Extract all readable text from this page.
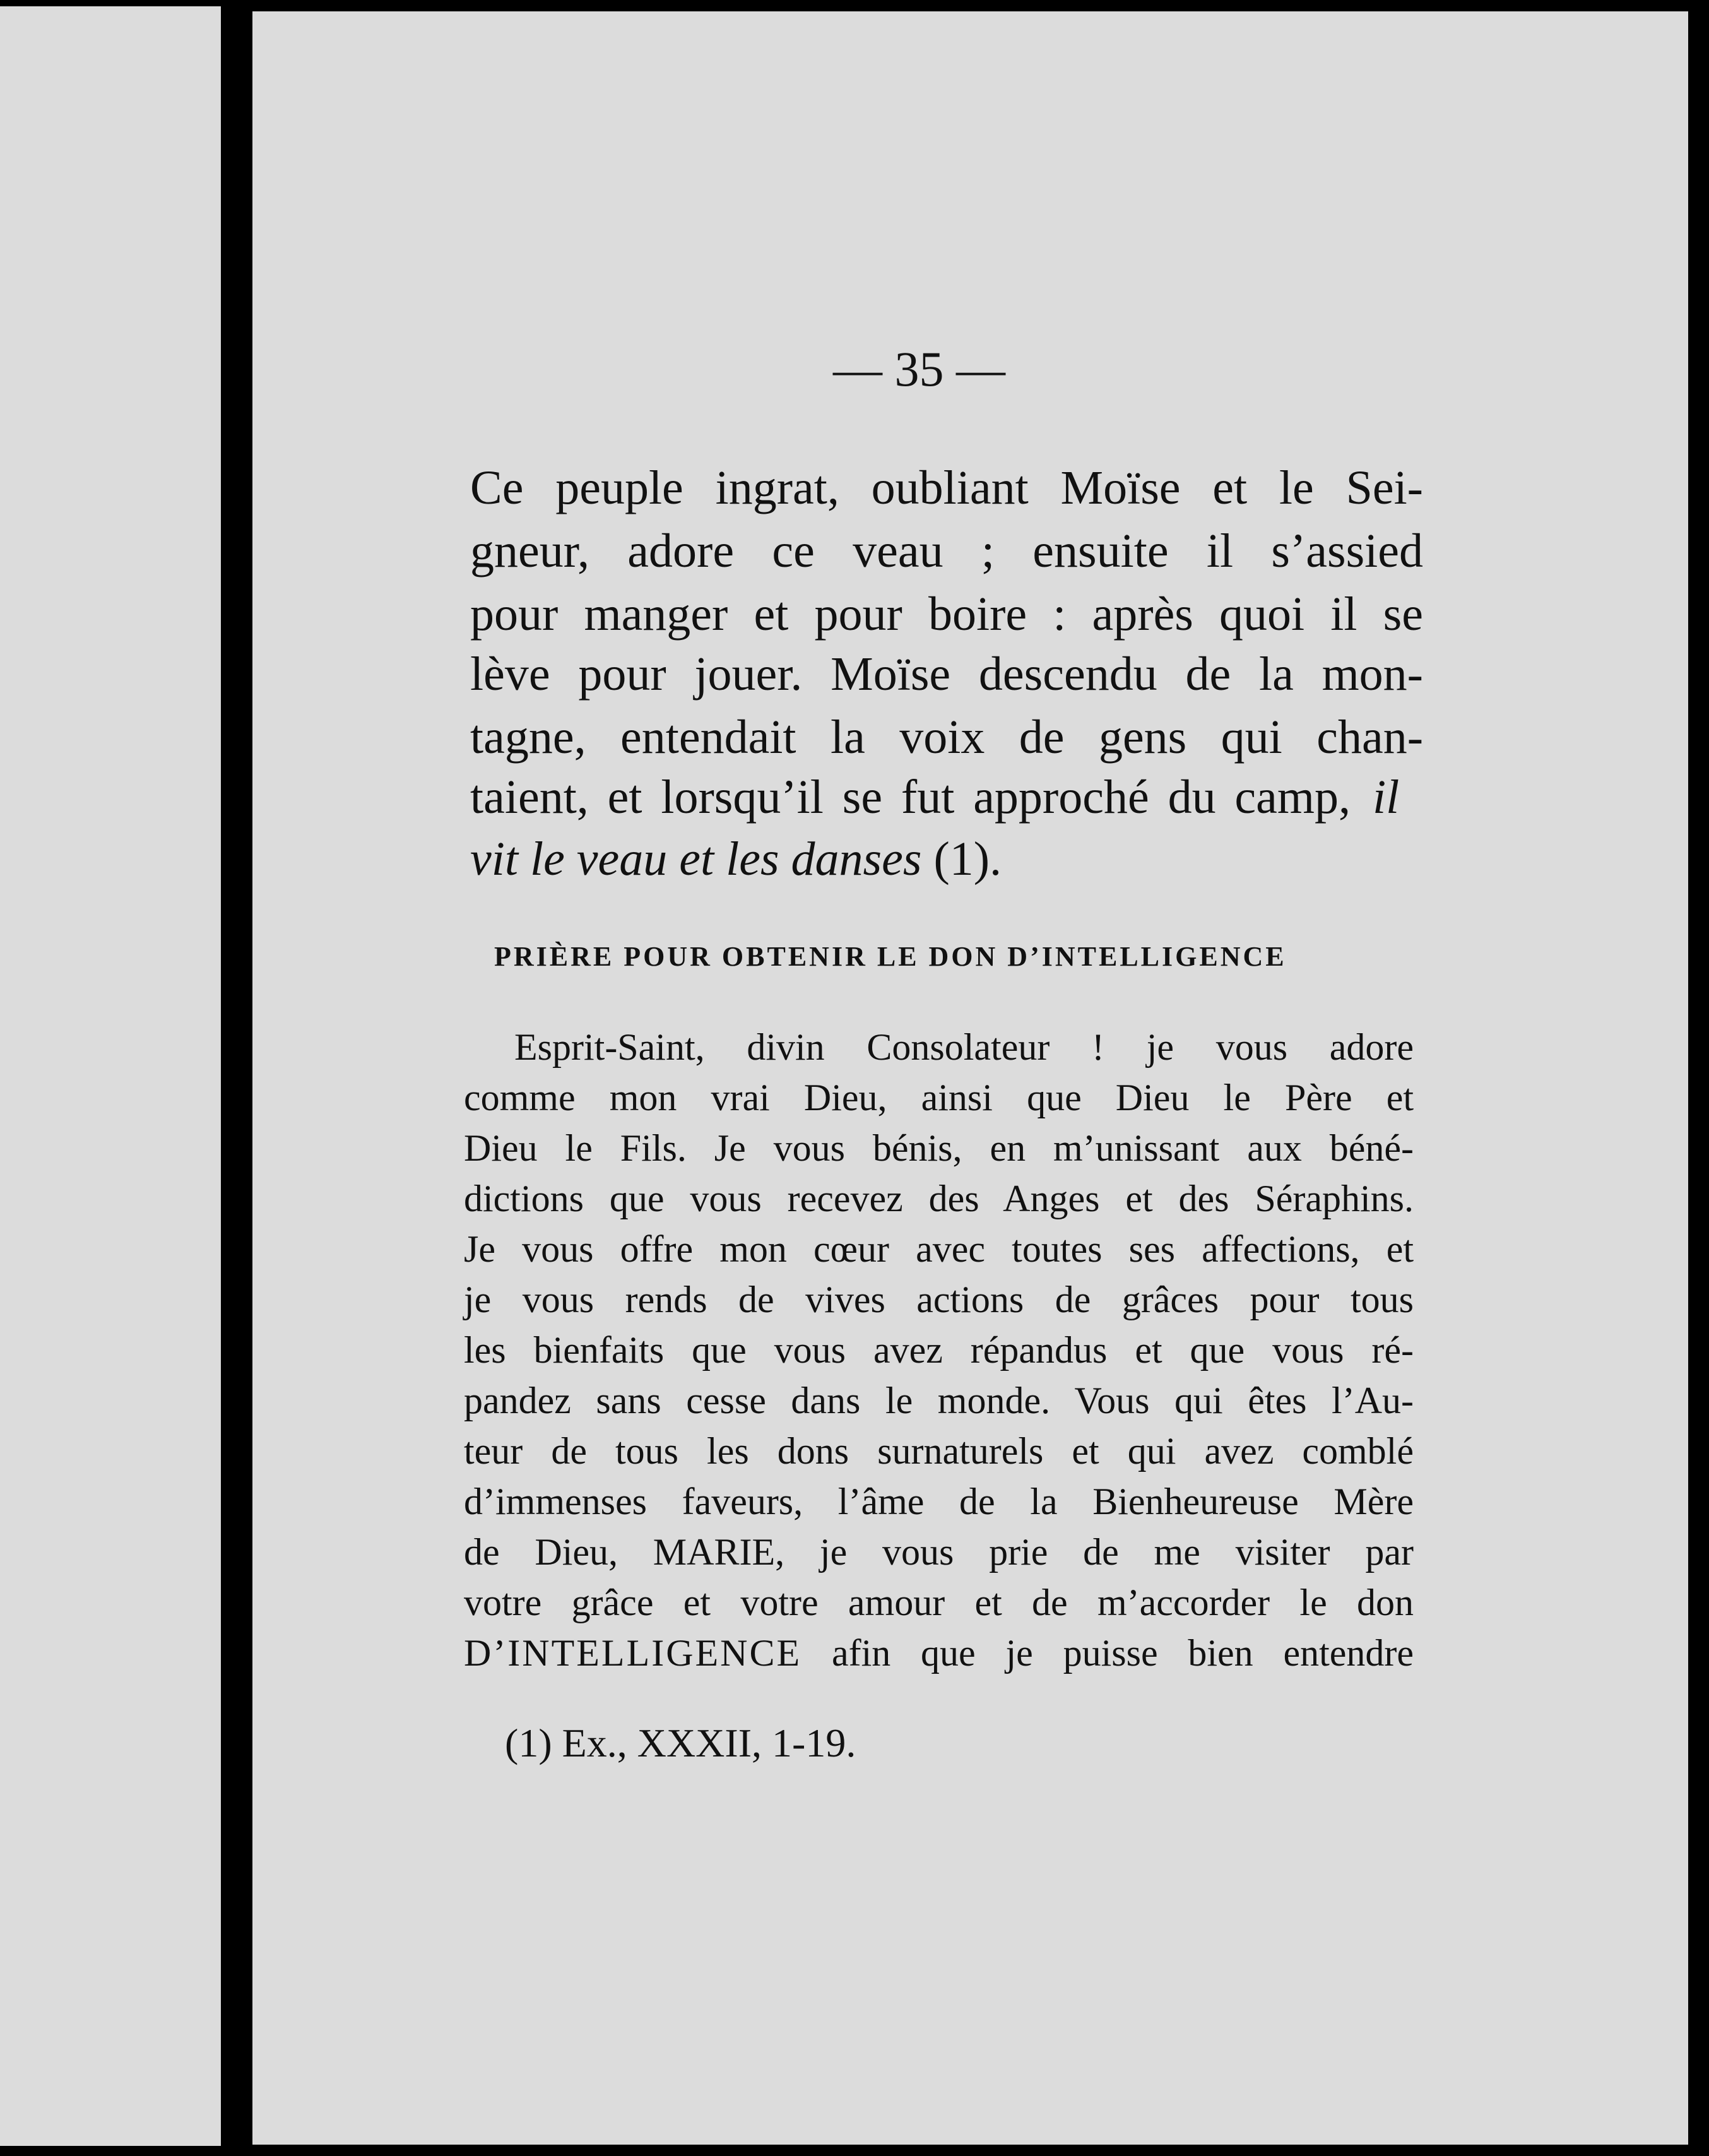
— 35 —
Ce peuple ingrat, oubliant Moïse et le Sei-
gneur, adore ce veau ; ensuite il s’assied
pour manger et pour boire : après quoi il se
lève pour jouer. Moïse descendu de la mon-
tagne, entendait la voix de gens qui chan-
taient, et lorsqu’il se fut approché du camp, il
vit le veau et les danses (1).
PRIÈRE POUR OBTENIR LE DON D’INTELLIGENCE
Esprit-Saint, divin Consolateur ! je vous adore
comme mon vrai Dieu, ainsi que Dieu le Père et
Dieu le Fils. Je vous bénis, en m’unissant aux béné-
dictions que vous recevez des Anges et des Séraphins.
Je vous offre mon cœur avec toutes ses affections, et
je vous rends de vives actions de grâces pour tous
les bienfaits que vous avez répandus et que vous ré-
pandez sans cesse dans le monde. Vous qui êtes l’Au-
teur de tous les dons surnaturels et qui avez comblé
d’immenses faveurs, l’âme de la Bienheureuse Mère
de Dieu, MARIE, je vous prie de me visiter par
votre grâce et votre amour et de m’accorder le don
D’INTELLIGENCE afin que je puisse bien entendre
(1) Ex., XXXII, 1-19.
